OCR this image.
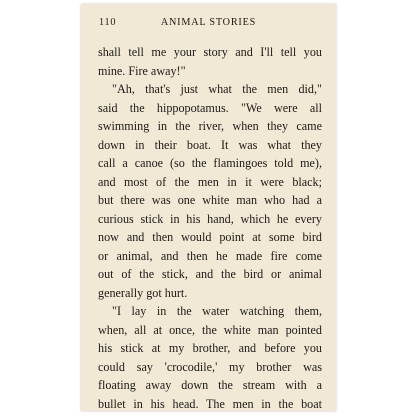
110	ANIMAL STORIES
shall tell me your story and I'll tell you
mine. Fire away!"
"Ah, that's just what the men did,"
said the hippopotamus. "We were all
swimming in the river, when they came
down in their boat. It was what they
call a canoe (so the flamingoes told me),
and most of the men in it were black;
but there was one white man who had a
curious stick in his hand, which he every
now and then would point at some bird
or animal, and then he made fire come
out of the stick, and the bird or animal
generally got hurt.
"I lay in the water watching them,
when, all at once, the white man pointed
his stick at my brother, and before you
could say 'crocodile,' my brother was
floating away down the stream with a
bullet in his head. The men in the boat
